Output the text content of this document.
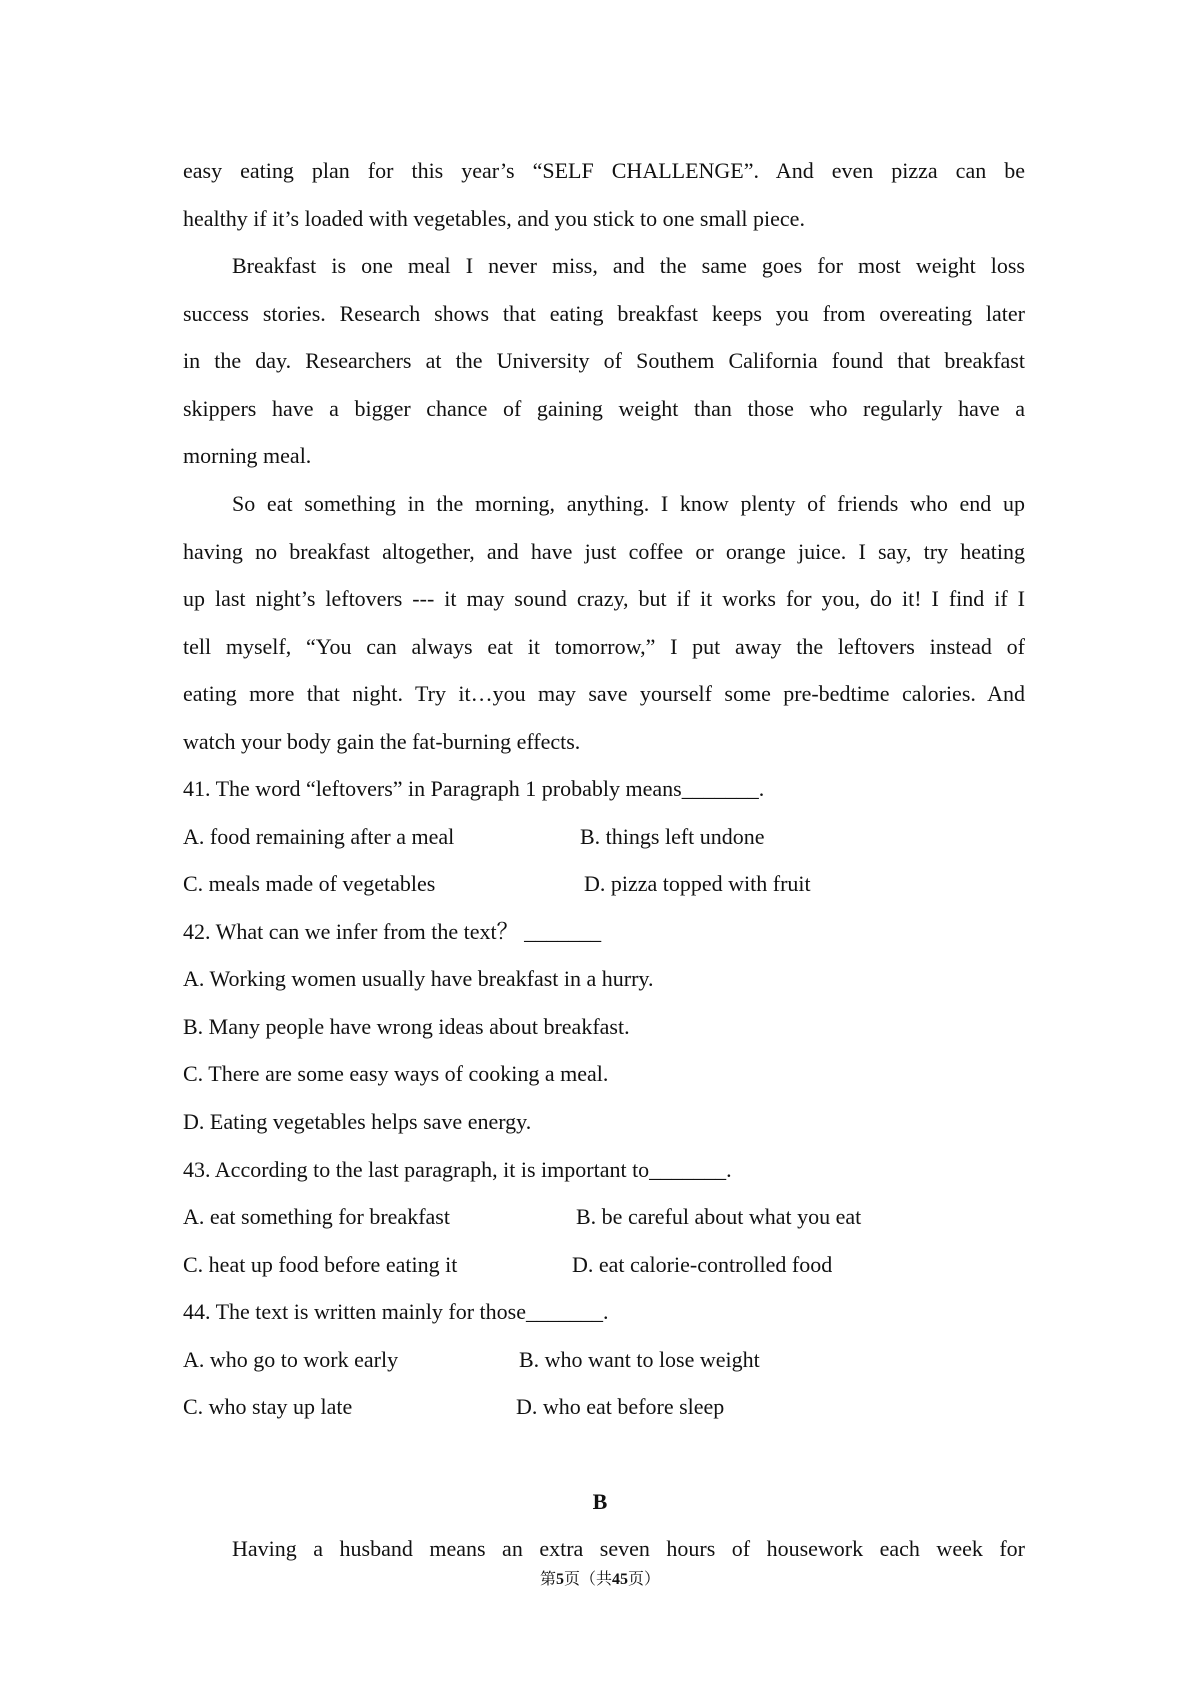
easy eating plan for this year’s “SELF CHALLENGE”. And even pizza can be
healthy if it’s loaded with vegetables, and you stick to one small piece.
Breakfast is one meal I never miss, and the same goes for most weight loss
success stories. Research shows that eating breakfast keeps you from overeating later
in the day. Researchers at the University of Southem California found that breakfast
skippers have a bigger chance of gaining weight than those who regularly have a
morning meal.
So eat something in the morning, anything. I know plenty of friends who end up
having no breakfast altogether, and have just coffee or orange juice. I say, try heating
up last night’s leftovers --- it may sound crazy, but if it works for you, do it! I find if I
tell myself, “You can always eat it tomorrow,” I put away the leftovers instead of
eating more that night. Try it…you may save yourself some pre-bedtime calories. And
watch your body gain the fat-burning effects.
41. The word “leftovers” in Paragraph 1 probably means_______.
A. food remaining after a meal	B. things left undone
C. meals made of vegetables	D. pizza topped with fruit
42. What can we infer from the text？ _______
A. Working women usually have breakfast in a hurry.
B. Many people have wrong ideas about breakfast.
C. There are some easy ways of cooking a meal.
D. Eating vegetables helps save energy.
43. According to the last paragraph, it is important to_______.
A. eat something for breakfast	B. be careful about what you eat
C. heat up food before eating it	D. eat calorie-controlled food
44. The text is written mainly for those_______.
A. who go to work early	B. who want to lose weight
C. who stay up late	D. who eat before sleep
B
Having a husband means an extra seven hours of housework each week for
第5页（共45页）
